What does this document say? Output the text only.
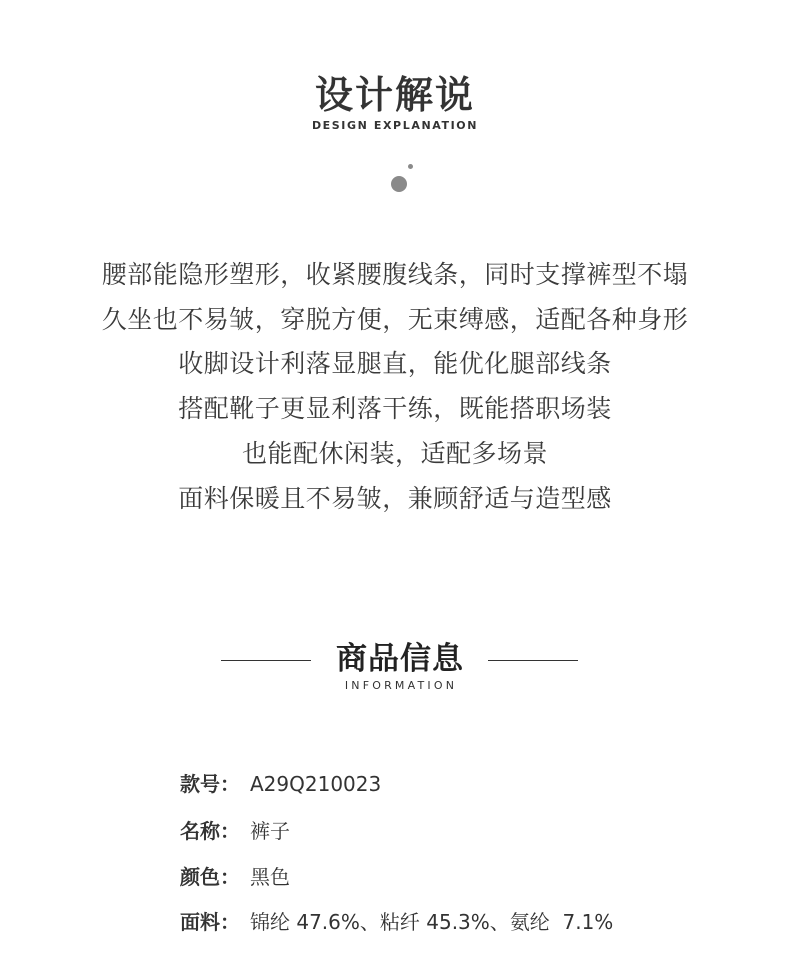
设计解说
DESIGN EXPLANATION
腰部能隐形塑形，收紧腰腹线条，同时支撑裤型不塌
久坐也不易皱，穿脱方便，无束缚感，适配各种身形
收脚设计利落显腿直，能优化腿部线条
搭配靴子更显利落干练，既能搭职场装
也能配休闲装，适配多场景
面料保暖且不易皱，兼顾舒适与造型感
商品信息
INFORMATION
款号： A29Q210023
名称： 裤子
颜色： 黑色
面料： 锦纶 47.6%、粘纤 45.3%、氨纶  7.1%
